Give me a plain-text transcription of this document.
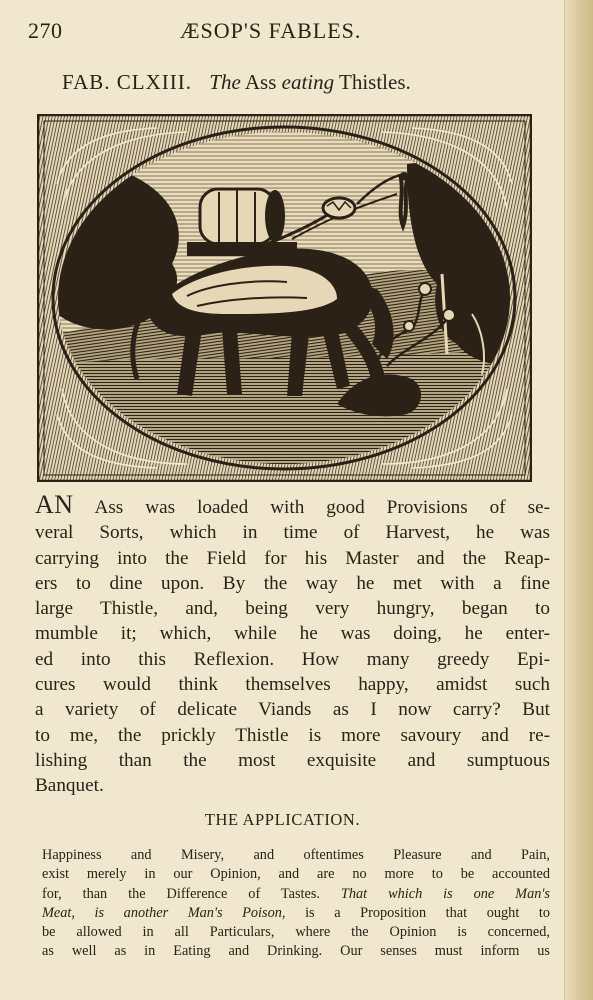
270	ÆSOP'S FABLES.
FAB. CLXIII. The Ass eating Thistles.
AN Ass was loaded with good Provisions of se-
veral Sorts, which in time of Harvest, he was
carrying into the Field for his Master and the Reap-
ers to dine upon. By the way he met with a fine
large Thistle, and, being very hungry, began to
mumble it; which, while he was doing, he enter-
ed into this Reflexion. How many greedy Epi-
cures would think themselves happy, amidst such
a variety of delicate Viands as I now carry? But
to me, the prickly Thistle is more savoury and re-
lishing than the most exquisite and sumptuous
Banquet.
THE APPLICATION.
Happiness and Misery, and oftentimes Pleasure and Pain,
exist merely in our Opinion, and are no more to be accounted
for, than the Difference of Tastes. That which is one Man's
Meat, is another Man's Poison, is a Proposition that ought to
be allowed in all Particulars, where the Opinion is concerned,
as well as in Eating and Drinking. Our senses must inform us
